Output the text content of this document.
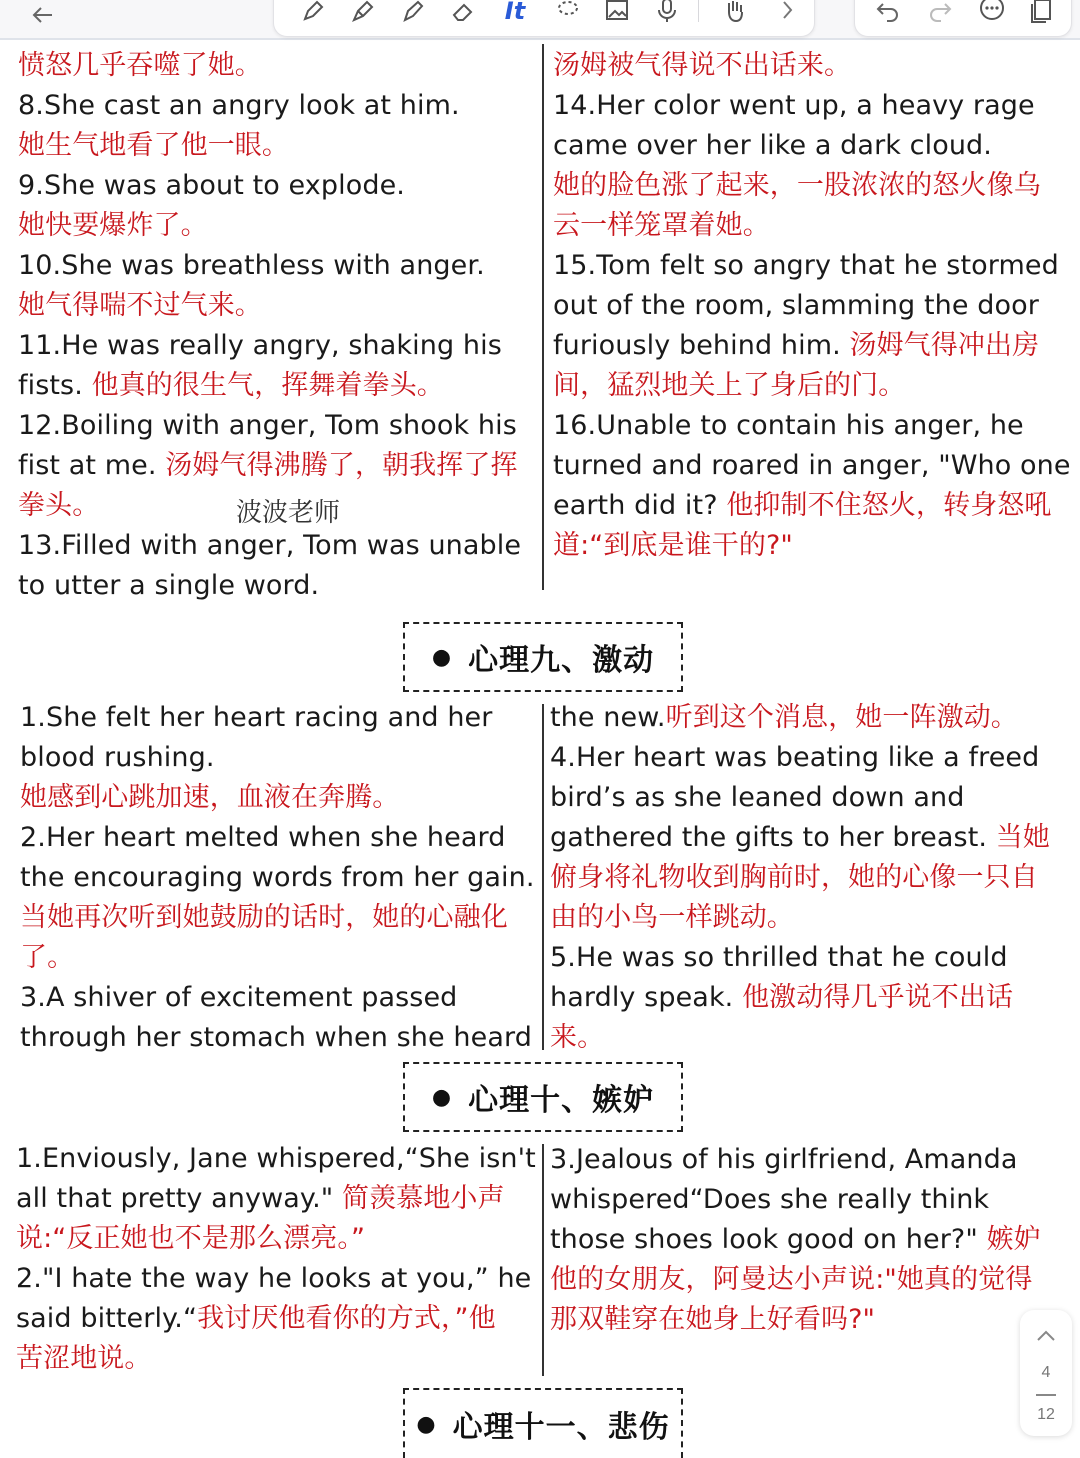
It
愤怒几乎吞噬了她。
8.She cast an angry look at him.
她生气地看了他一眼。
9.She was about to explode.
她快要爆炸了。
10.She was breathless with anger.
她气得喘不过气来。
11.He was really angry, shaking his
fists. 他真的很生气，挥舞着拳头。
12.Boiling with anger, Tom shook his
fist at me. 汤姆气得沸腾了，朝我挥了挥
拳头。
13.Filled with anger, Tom was unable
to utter a single word.
汤姆被气得说不出话来。
14.Her color went up, a heavy rage
came over her like a dark cloud.
她的脸色涨了起来，一股浓浓的怒火像乌
云一样笼罩着她。
15.Tom felt so angry that he stormed
out of the room, slamming the door
furiously behind him. 汤姆气得冲出房
间，猛烈地关上了身后的门。
16.Unable to contain his anger, he
turned and roared in anger, "Who one
earth did it? 他抑制不住怒火，转身怒吼
道:“到底是谁干的?"
波波老师
● 心理九、激动
1.She felt her heart racing and her
blood rushing.
她感到心跳加速，血液在奔腾。
2.Her heart melted when she heard
the encouraging words from her gain.
当她再次听到她鼓励的话时，她的心融化
了。
3.A shiver of excitement passed
through her stomach when she heard
the new.听到这个消息，她一阵激动。
4.Her heart was beating like a freed
bird’s as she leaned down and
gathered the gifts to her breast. 当她
俯身将礼物收到胸前时，她的心像一只自
由的小鸟一样跳动。
5.He was so thrilled that he could
hardly speak. 他激动得几乎说不出话
来。
● 心理十、嫉妒
1.Enviously, Jane whispered,“She isn't
all that pretty anyway." 简羡慕地小声
说:“反正她也不是那么漂亮。”
2."I hate the way he looks at you,” he
said bitterly.“我讨厌他看你的方式，”他
苦涩地说。
3.Jealous of his girlfriend, Amanda
whispered“Does she really think
those shoes look good on her?" 嫉妒
他的女朋友，阿曼达小声说:"她真的觉得
那双鞋穿在她身上好看吗?"
● 心理十一、悲伤
4
12
